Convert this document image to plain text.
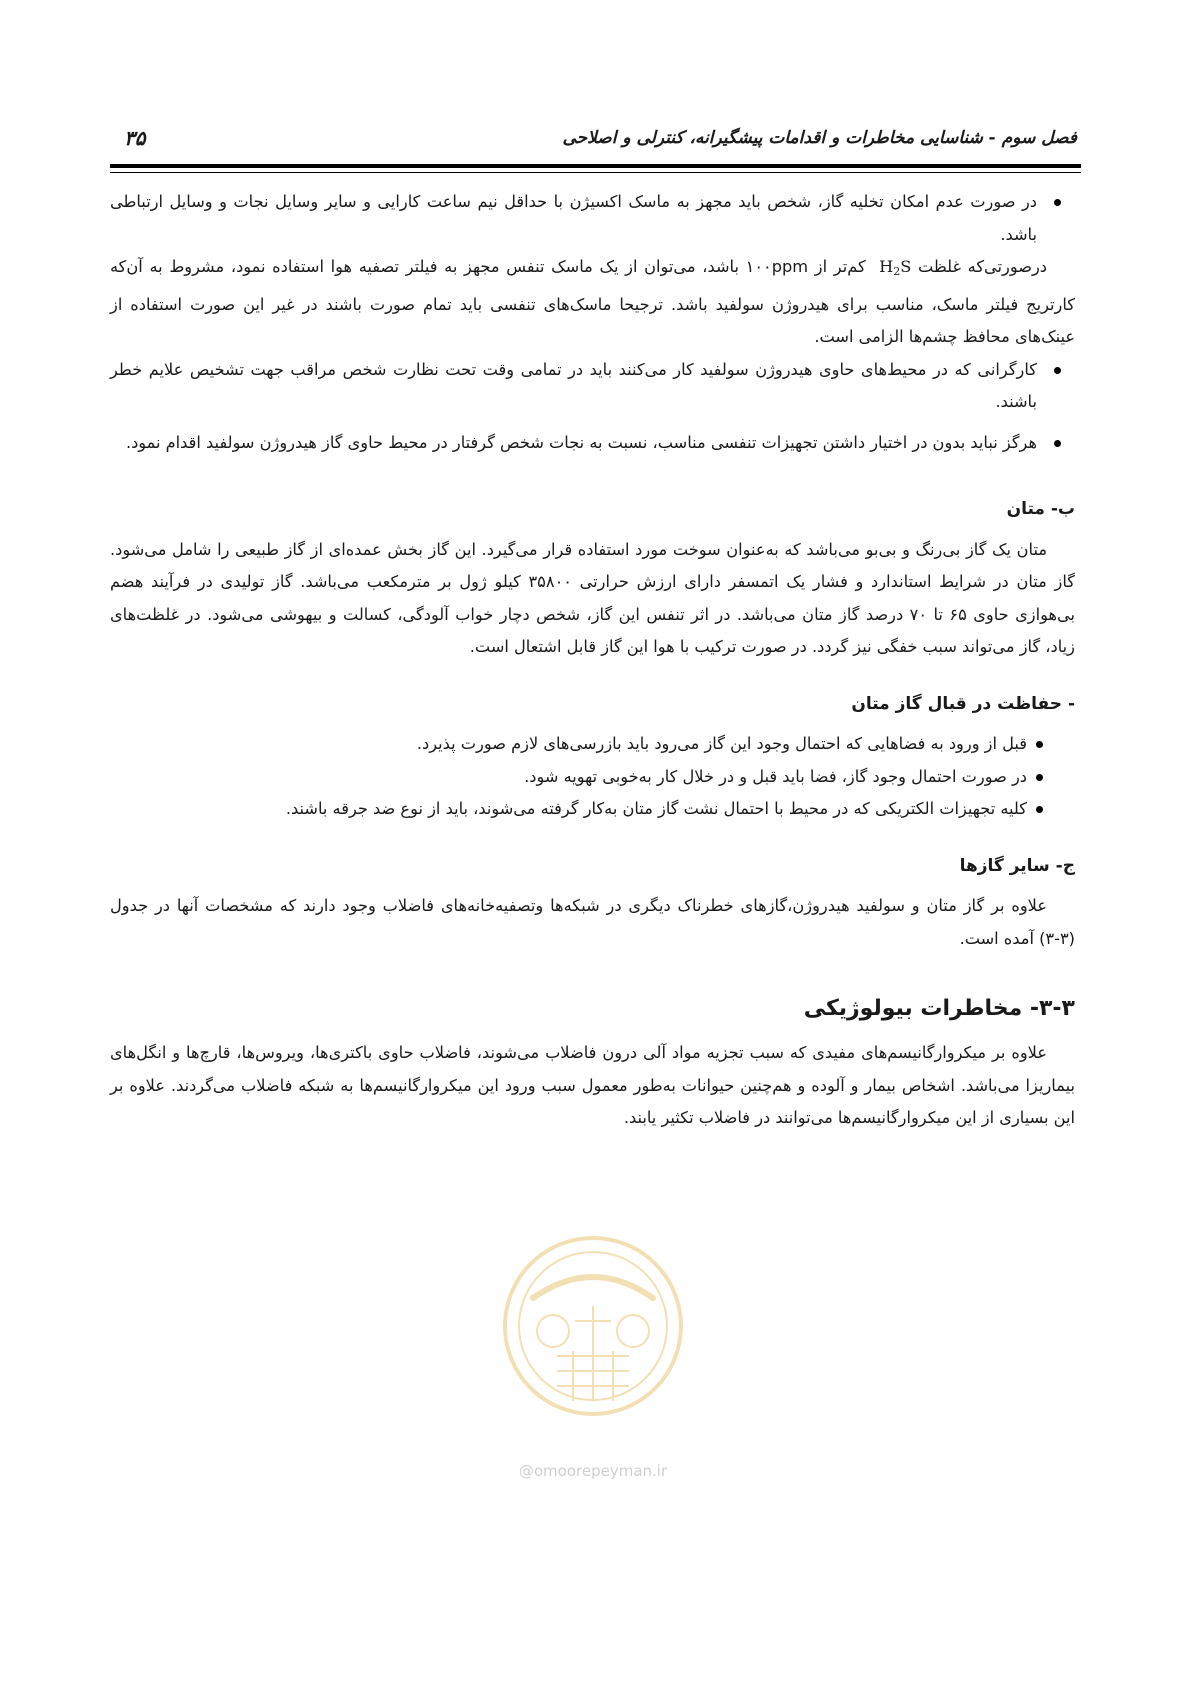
فصل سوم - شناسایی مخاطرات و اقدامات پیشگیرانه، کنترلی و اصلاحی
۳۵
در صورت عدم امکان تخلیه گاز، شخص باید مجهز به ماسک اکسیژن با حداقل نیم ساعت کارایی و سایر وسایل نجات و وسایل ارتباطی باشد.

درصورتی‌که غلظت $H_2S$  کم‌تر از ۱۰۰ppm باشد، می‌توان از یک ماسک تنفس مجهز به فیلتر تصفیه هوا استفاده نمود، مشروط به آن‌که کارتریج فیلتر ماسک، مناسب برای هیدروژن سولفید باشد. ترجیحا ماسک‌های تنفسی باید تمام صورت باشند در غیر این صورت استفاده از عینک‌های محافظ چشم‌ها الزامی است.

کارگرانی که در محیط‌های حاوی هیدروژن سولفید کار می‌کنند باید در تمامی وقت تحت نظارت شخص مراقب جهت تشخیص علایم خطر باشند.
هرگز نباید بدون در اختیار داشتن تجهیزات تنفسی مناسب، نسبت به نجات شخص گرفتار در محیط حاوی گاز هیدروژن سولفید اقدام نمود.

ب- متان

متان یک گاز بی‌رنگ و بی‌بو می‌باشد که به‌عنوان سوخت مورد استفاده قرار می‌گیرد. این گاز بخش عمده‌ای از گاز طبیعی را شامل می‌شود. گاز متان در شرایط استاندارد و فشار یک اتمسفر دارای ارزش حرارتی ۳۵۸۰۰ کیلو ژول بر مترمکعب می‌باشد. گاز تولیدی در فرآیند هضم بی‌هوازی حاوی ۶۵ تا ۷۰ درصد گاز متان می‌باشد. در اثر تنفس این گاز، شخص دچار خواب آلودگی، کسالت و بیهوشی می‌شود. در غلظت‌های زیاد، گاز می‌تواند سبب خفگی نیز گردد. در صورت ترکیب با هوا این گاز قابل اشتعال است.

- حفاظت در قبال گاز متان

قبل از ورود به فضاهایی که احتمال وجود این گاز می‌رود باید بازرسی‌های لازم صورت پذیرد.
در صورت احتمال وجود گاز، فضا باید قبل و در خلال کار به‌خوبی تهویه شود.
کلیه تجهیزات الکتریکی که در محیط با احتمال نشت گاز متان به‌کار گرفته می‌شوند، باید از نوع ضد جرقه باشند.

ج- سایر گازها

علاوه بر گاز متان و سولفید هیدروژن،گازهای خطرناک دیگری در شبکه‌ها وتصفیه‌خانه‌های فاضلاب وجود دارند که مشخصات آنها در جدول (۳-۳) آمده است.

۳-۳- مخاطرات بیولوژیکی

علاوه بر میکروارگانیسم‌های مفیدی که سبب تجزیه مواد آلی درون فاضلاب می‌شوند، فاضلاب حاوی باکتری‌ها، ویروس‌ها، قارچ‌ها و انگل‌های بیماریزا می‌باشد. اشخاص بیمار و آلوده و هم‌چنین حیوانات به‌طور معمول سبب ورود این میکروارگانیسم‌ها به شبکه فاضلاب می‌گردند. علاوه بر این بسیاری از این میکروارگانیسم‌ها می‌توانند در فاضلاب تکثیر یابند.

@omoorepeyman.ir
